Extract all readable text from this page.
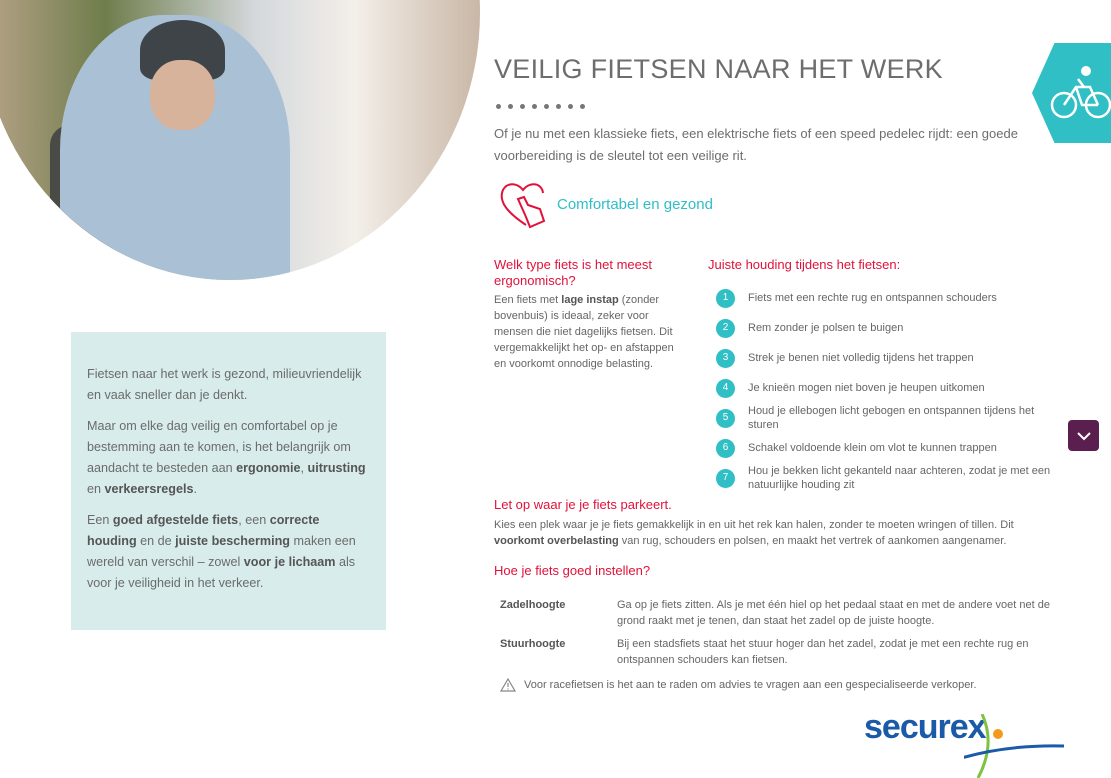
Fietsen naar het werk is gezond, milieuvriendelijk en vaak sneller dan je denkt.

Maar om elke dag veilig en comfortabel op je bestemming aan te komen, is het belangrijk om aandacht te besteden aan ergonomie, uitrusting en verkeersregels.

Een goed afgestelde fiets, een correcte houding en de juiste bescherming maken een wereld van verschil – zowel voor je lichaam als voor je veiligheid in het verkeer.

VEILIG FIETSEN NAAR HET WERK
Of je nu met een klassieke fiets, een elektrische fiets of een speed pedelec rijdt: een goede voorbereiding is de sleutel tot een veilige rit.
Comfortabel en gezond
Welk type fiets is het meest ergonomisch?
Een fiets met lage instap (zonder bovenbuis) is ideaal, zeker voor mensen die niet dagelijks fietsen. Dit vergemakkelijkt het op- en afstappen en voorkomt onnodige belasting.
Juiste houding tijdens het fietsen:
1	Fiets met een rechte rug en ontspannen schouders
2	Rem zonder je polsen te buigen
3	Strek je benen niet volledig tijdens het trappen
4	Je knieën mogen niet boven je heupen uitkomen
5
Houd je ellebogen licht gebogen en ontspannen tijdens het sturen
6	Schakel voldoende klein om vlot te kunnen trappen
7
Hou je bekken licht gekanteld naar achteren, zodat je met een natuurlijke houding zit
Let op waar je je fiets parkeert.
Kies een plek waar je je fiets gemakkelijk in en uit het rek kan halen, zonder te moeten wringen of tillen. Dit voorkomt overbelasting van rug, schouders en polsen, en maakt het vertrek of aankomen aangenamer.
Hoe je fiets goed instellen?
Zadelhoogte	Ga op je fiets zitten. Als je met één hiel op het pedaal staat en met de andere voet net de grond raakt met je tenen, dan staat het zadel op de juiste hoogte.
Stuurhoogte	Bij een stadsfiets staat het stuur hoger dan het zadel, zodat je met een rechte rug en ontspannen schouders kan fietsen.
Voor racefietsen is het aan te raden om advies te vragen aan een gespecialiseerde verkoper.
securex
